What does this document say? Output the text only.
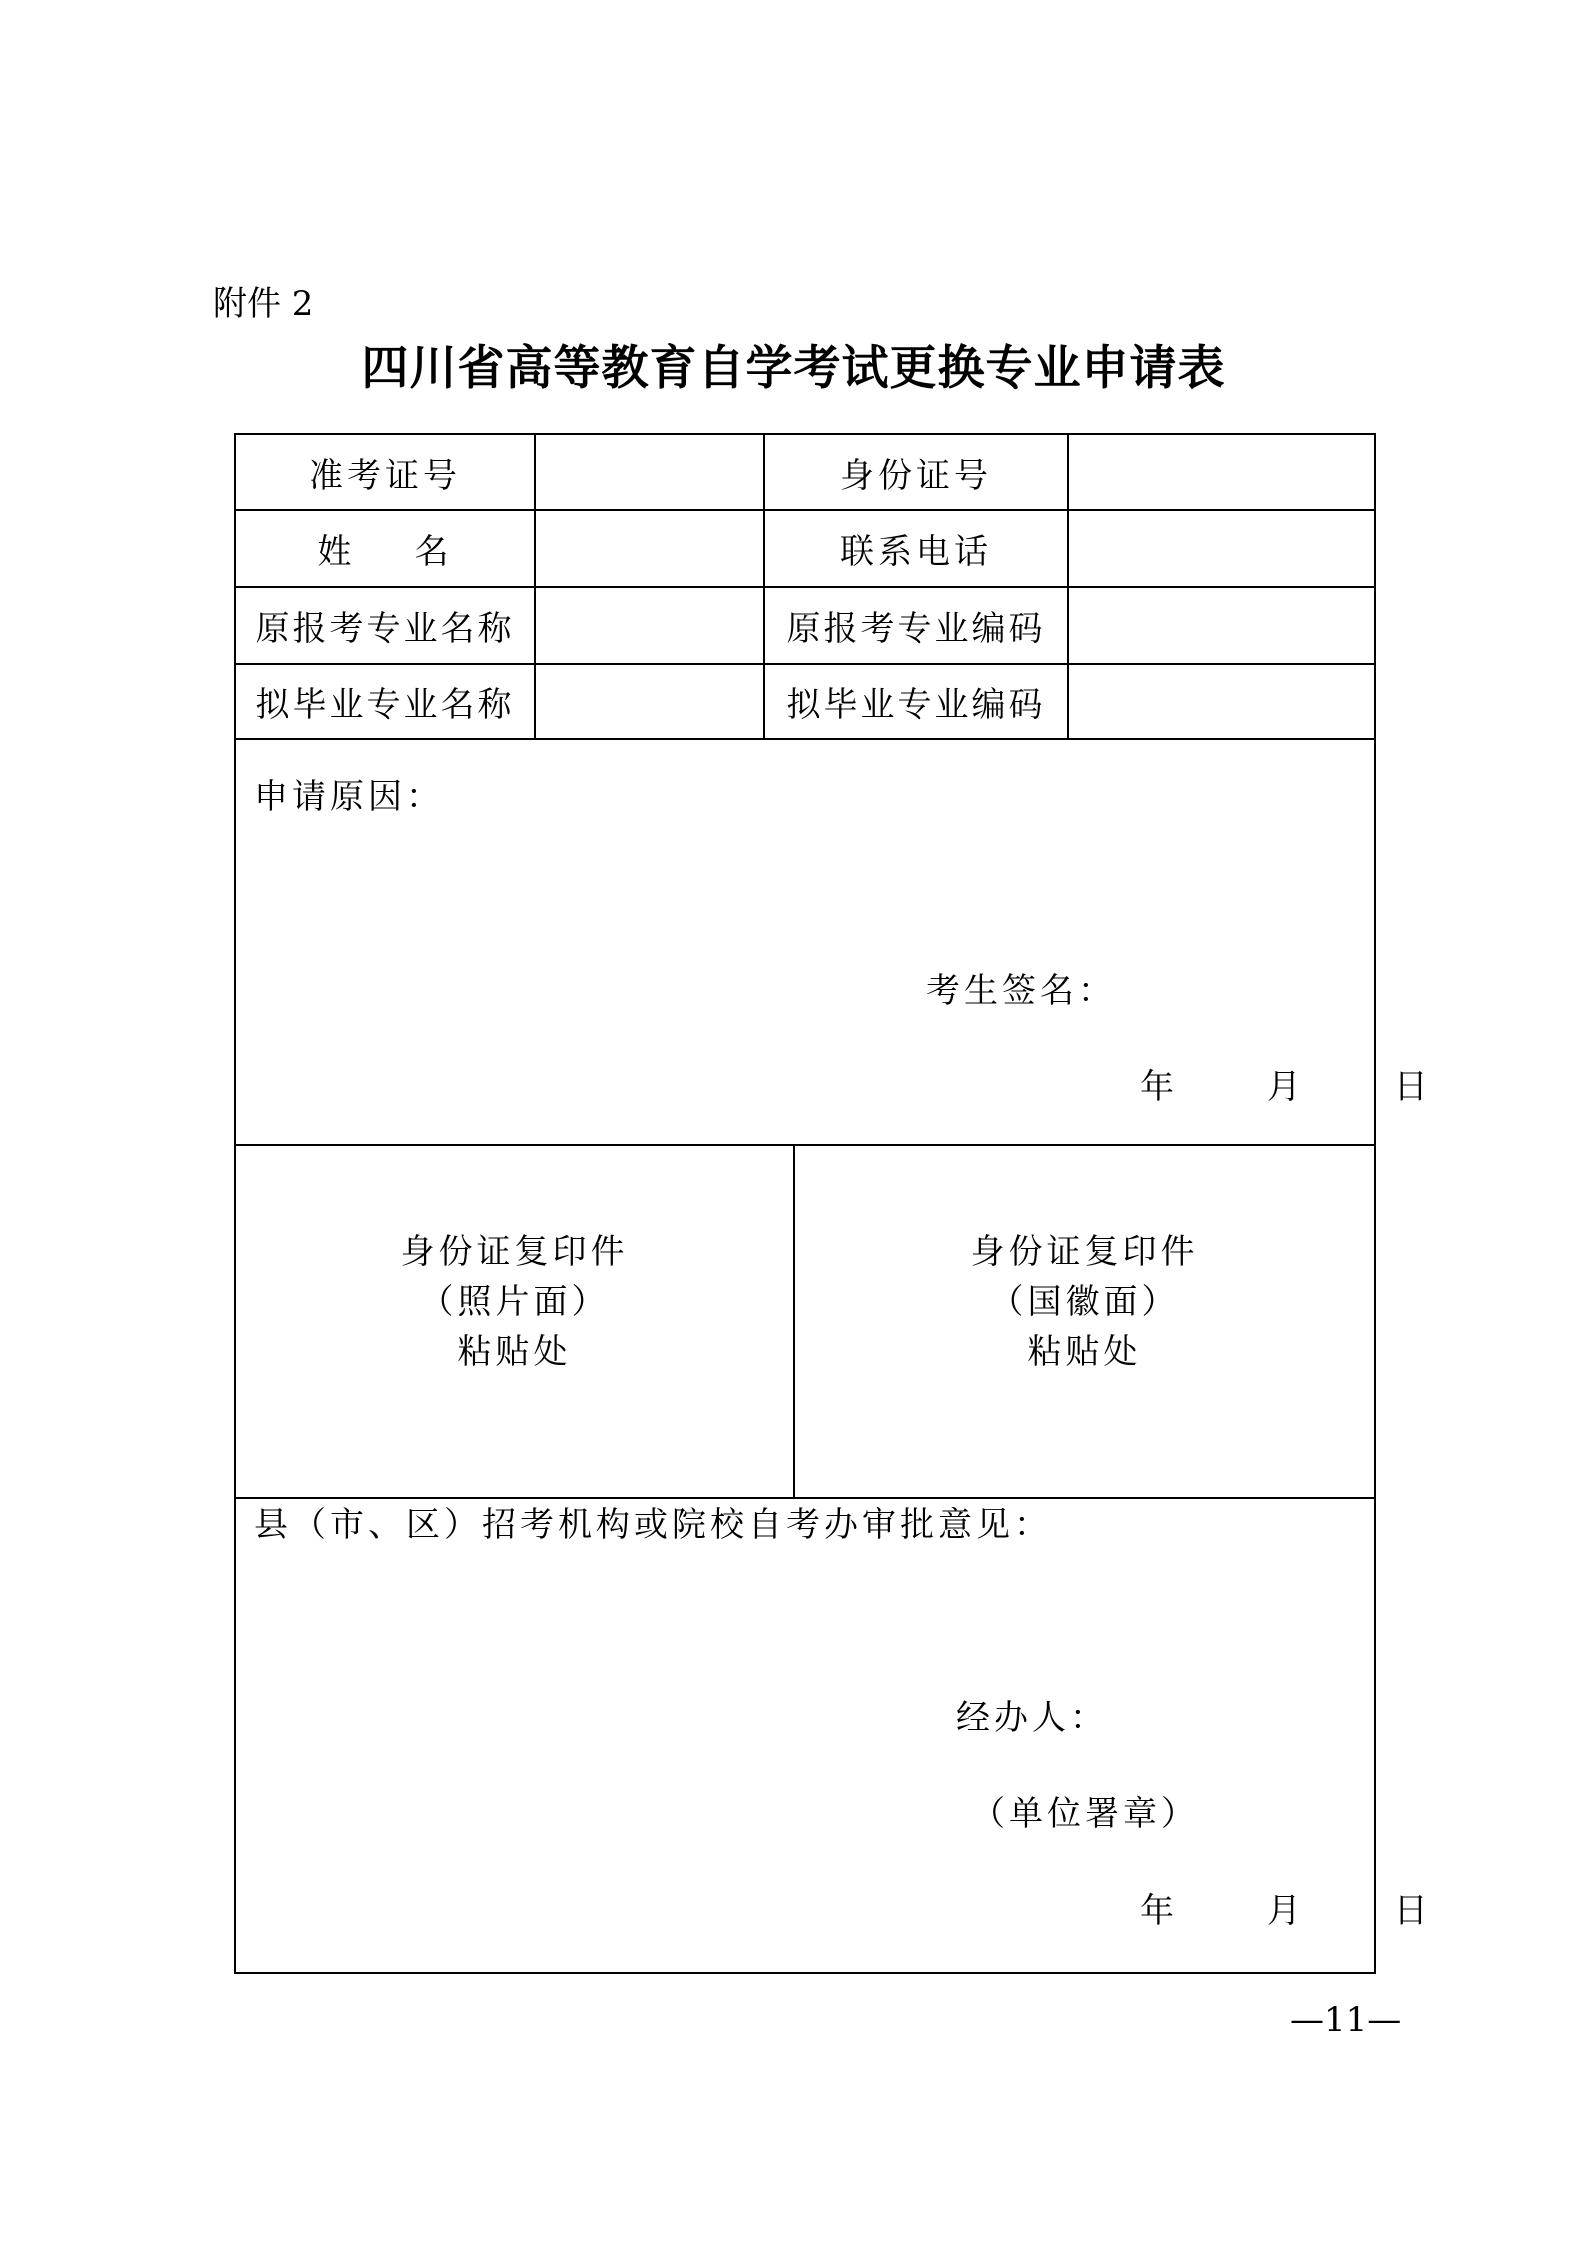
附件 2
四川省高等教育自学考试更换专业申请表
准考证号	身份证号
姓    名	联系电话
原报考专业名称	原报考专业编码
拟毕业专业名称	拟毕业专业编码
申请原因：
考生签名：
年      月      日
身份证复印件
（照片面）
粘贴处
身份证复印件
（国徽面）
粘贴处
县（市、区）招考机构或院校自考办审批意见：
经办人：
（单位署章）
年      月      日
—11—
